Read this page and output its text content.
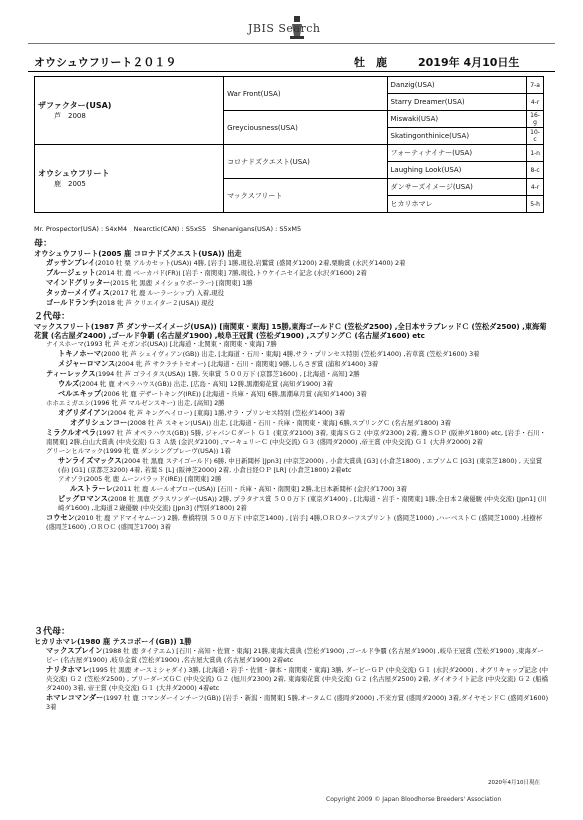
JBIS Search
オウシュウフリート２０１９	牡　鹿	2019年 4月10日生
ザファクター(USA)
芦　2008	War Front(USA)	Danzig(USA)	7-a
		Starry Dreamer(USA)	4-r
	Greyciousness(USA)	Miswaki(USA)	16-g
		Skatingonthinice(USA)	10-c

オウシュウフリート
鹿　2005	コロナドズクエスト(USA)	フォーティナイナー(USA)	1-n
		Laughing Look(USA)	8-c
	マックスフリート	ダンサーズイメージ(USA)	4-r
		ヒカリホマレ	5-h
Mr. Prospector(USA) : S4xM4　Nearctic(CAN) : S5xS5　Shenanigans(USA) : S5xM5
母：
オウシュウフリート(2005 鹿 コロナドズクエスト(USA)) 出走
ガッサンプレイ(2010 牡 栗 アルカセット(USA)) 4勝, [岩手] 1勝,現役,岩鷲賞 (盛岡ダ1200) 2着,栗駒賞 (水沢ダ1400) 2着
ブルージェット(2014 牡 鹿 ベーカバド(FR)) [岩手・南関東] 7勝,現役,トウケイニセイ記念 (水沢ダ1600) 2着
マインドグリッター(2015 牝 黒鹿 メイショウボーラー) [南関東] 1勝
タッカーメイヴィス(2017 牝 鹿 ルーラーシップ) 入着,現役
ゴールドランチ(2018 牝 芦 クリエイター２(USA)) 現役
２代母：
マックスフリート(1987 芦 ダンサーズイメージ(USA)) [南関東・東海] 15勝,東海ゴールドＣ (笠松ダ2500) ,全日本サラブレッドＣ (笠松ダ2500) ,東海菊花賞 (名古屋ダ2400) ,ゴールド争覇 (名古屋ダ1900) ,岐阜王冠賞 (笠松ダ1900) ,スプリングＣ (名古屋ダ1600) etc
ナイスホーマ(1993 牝 芦 モガンボ(USA)) [北海道・北関東・南関東・東海] 7勝
トキノホーマ(2000 牝 芦 シェイヴィアン(GB)) 出走, [北海道・石川・東海] 4勝,サラ・プリンセス特別 (笠松ダ1400) ,若草賞 (笠松ダ1600) 3着
メジャーロマンス(2004 牝 芦 サクラチトセオー) [北海道・石川・南関東] 9勝,しらさぎ賞 (浦和ダ1400) 3着
ティーレックス(1994 牡 芦 ゴライタス(USA)) 1勝, 矢車賞 ５００万下 (京都芝1600) , [北海道・高知] 2勝
ウルズ(2004 牝 鹿 オペラハウス(GB)) 出走, [広島・高知] 12勝,黒潮菊花賞 (高知ダ1900) 3着
ベルエキップ(2006 牝 鹿 デザートキング(IRE)) [北海道・兵庫・高知] 6勝,黒潮皐月賞 (高知ダ1400) 3着
ホホエミガエシ(1996 牝 芦 マルゼンスキー) 出走, [高知] 2勝
オグリダイアン(2004 牝 芦 キングヘイロー) [東海] 1勝,サラ・プリンセス特別 (笠松ダ1400) 3着
オグリシュンコー(2008 牡 芦 スキャン(USA)) 出走, [北海道・石川・兵庫・南関東・東海] 6勝,スプリングＣ (名古屋ダ1800) 3着
ミラクルオペラ(1997 牡 芦 オペラハウス(GB)) 5勝, ジャパンＣダート Ｇ１ (東京ダ2100) 3着, 東海ＳＧ２ (中京ダ2300) 2着, 灘ＳＯＰ (阪神ダ1800) etc, [岩手・石川・南関東] 2勝,白山大賞典 (中央交流) Ｇ３ Ａ級 (金沢ダ2100) ,マーキュリーＣ (中央交流) Ｇ３ (盛岡ダ2000) ,帝王賞 (中央交流) Ｇ１ (大井ダ2000) 2着
グリーンヒルマック(1999 牝 鹿 ダンシングブレーヴ(USA)) 1着
サンライズマックス(2004 牡 黒鹿 ステイゴールド) 6勝, 中日新聞杯 [Jpn3] (中京芝2000) , 小倉大賞典 [G3] (小倉芝1800) , エプソムＣ [G3] (東京芝1800) , 天皇賞(春) [G1] (京都芝3200) 4着, 若葉Ｓ [L] (阪神芝2000) 2着, 小倉日経ＯＰ [LR] (小倉芝1800) 2着etc
アオゾラ(2005 牝 鹿 ムーンパラッド(IRE)) [南関東] 2勝
ルストラーレ(2011 牡 鹿 ルールオブロー(USA)) [石川・兵庫・高知・南関東] 2勝,北日本新聞杯 (金沢ダ1700) 3着
ビッグロマンス(2008 牡 黒鹿 グラスワンダー(USA)) 2勝, プラタナス賞 ５００万下 (東京ダ1400) , [北海道・岩手・南関東] 1勝,全日本２歳優駿 (中央交流) [Jpn1] (川崎ダ1600) ,北海道２歳優駿 (中央交流) [Jpn3] (門別ダ1800) 2着
コウセン(2010 牡 鹿 アドマイヤムーン) 2勝, 豊橋特別 ５００万下 (中京芝1400) , [岩手] 4勝,ＯＲＯターフスプリント (盛岡芝1000) ,ハーベストＣ (盛岡芝1000) ,桂樹杯 (盛岡芝1600) ,ＯＲＯＣ (盛岡芝1700) 3着
３代母：
ヒカリホマレ(1980 鹿 テスコボーイ(GB)) 1勝
マックスプレイン(1988 牡 鹿 タイテエム) [石川・高知・佐賀・東海] 21勝,東海大賞典 (笠松ダ1900) ,ゴールド争覇 (名古屋ダ1900) ,岐阜王冠賞 (笠松ダ1900) ,東海ダービー (名古屋ダ1900) ,岐阜金賞 (笠松ダ1900) ,名古屋大賞典 (名古屋ダ1900) 2着etc
ナリタホマレ(1995 牡 黒鹿 オースミシャダイ) 3勝, [北海道・岩手・佐賀・御本・南関東・東海] 3勝, ダービーＧＰ (中央交流) Ｇ１ (水沢ダ2000) , オグリキャップ記念 (中央交流) Ｇ２ (笠松ダ2500) , ブリーダーズＧＣ (中央交流) Ｇ２ (旭川ダ2300) 2着, 東海菊花賞 (中央交流) Ｇ２ (名古屋ダ2500) 2着, ダイオライト記念 (中央交流) Ｇ２ (船橋ダ2400) 3着, 帝王賞 (中央交流) Ｇ１ (大井ダ2000) 4着etc
ホマレコマンダー(1997 牡 鹿 コマンダーインチーフ(GB)) [岩手・新潟・南関東] 5勝,オータムＣ (盛岡ダ2000) ,不来方賞 (盛岡ダ2000) 3着,ダイヤモンドＣ (盛岡ダ1600) 3着
2020年4月10日現在
Copyright 2009 © Japan Bloodhorse Breeders' Association
